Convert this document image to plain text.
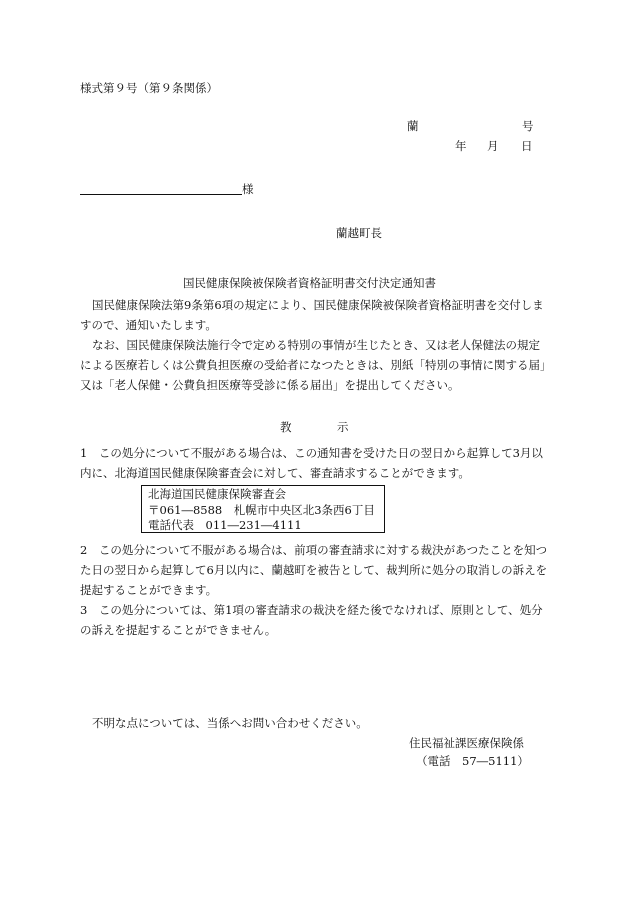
様式第９号（第９条関係）
蘭	号
年 月 日
様
蘭越町長
国民健康保険被保険者資格証明書交付決定通知書
国民健康保険法第9条第6項の規定により、国民健康保険被保険者資格証明書を交付しますので、通知いたします。
なお、国民健康保険法施行令で定める特別の事情が生じたとき、又は老人保健法の規定による医療若しくは公費負担医療の受給者になつたときは、別紙「特別の事情に関する届」又は「老人保健・公費負担医療等受診に係る届出」を提出してください。
教	示
1　 この処分について不服がある場合は、この通知書を受けた日の翌日から起算して3月以内に、北海道国民健康保険審査会に対して、審査請求することができます。
北海道国民健康保険審査会
〒061―8588　札幌市中央区北3条西6丁目
電話代表　011―231―4111
2　 この処分について不服がある場合は、前項の審査請求に対する裁決があつたことを知つた日の翌日から起算して6月以内に、蘭越町を被告として、裁判所に処分の取消しの訴えを提起することができます。
3　 この処分については、第1項の審査請求の裁決を経た後でなければ、原則として、処分の訴えを提起することができません。
不明な点については、当係へお問い合わせください。
住民福祉課医療保険係
（電話　57―5111）
